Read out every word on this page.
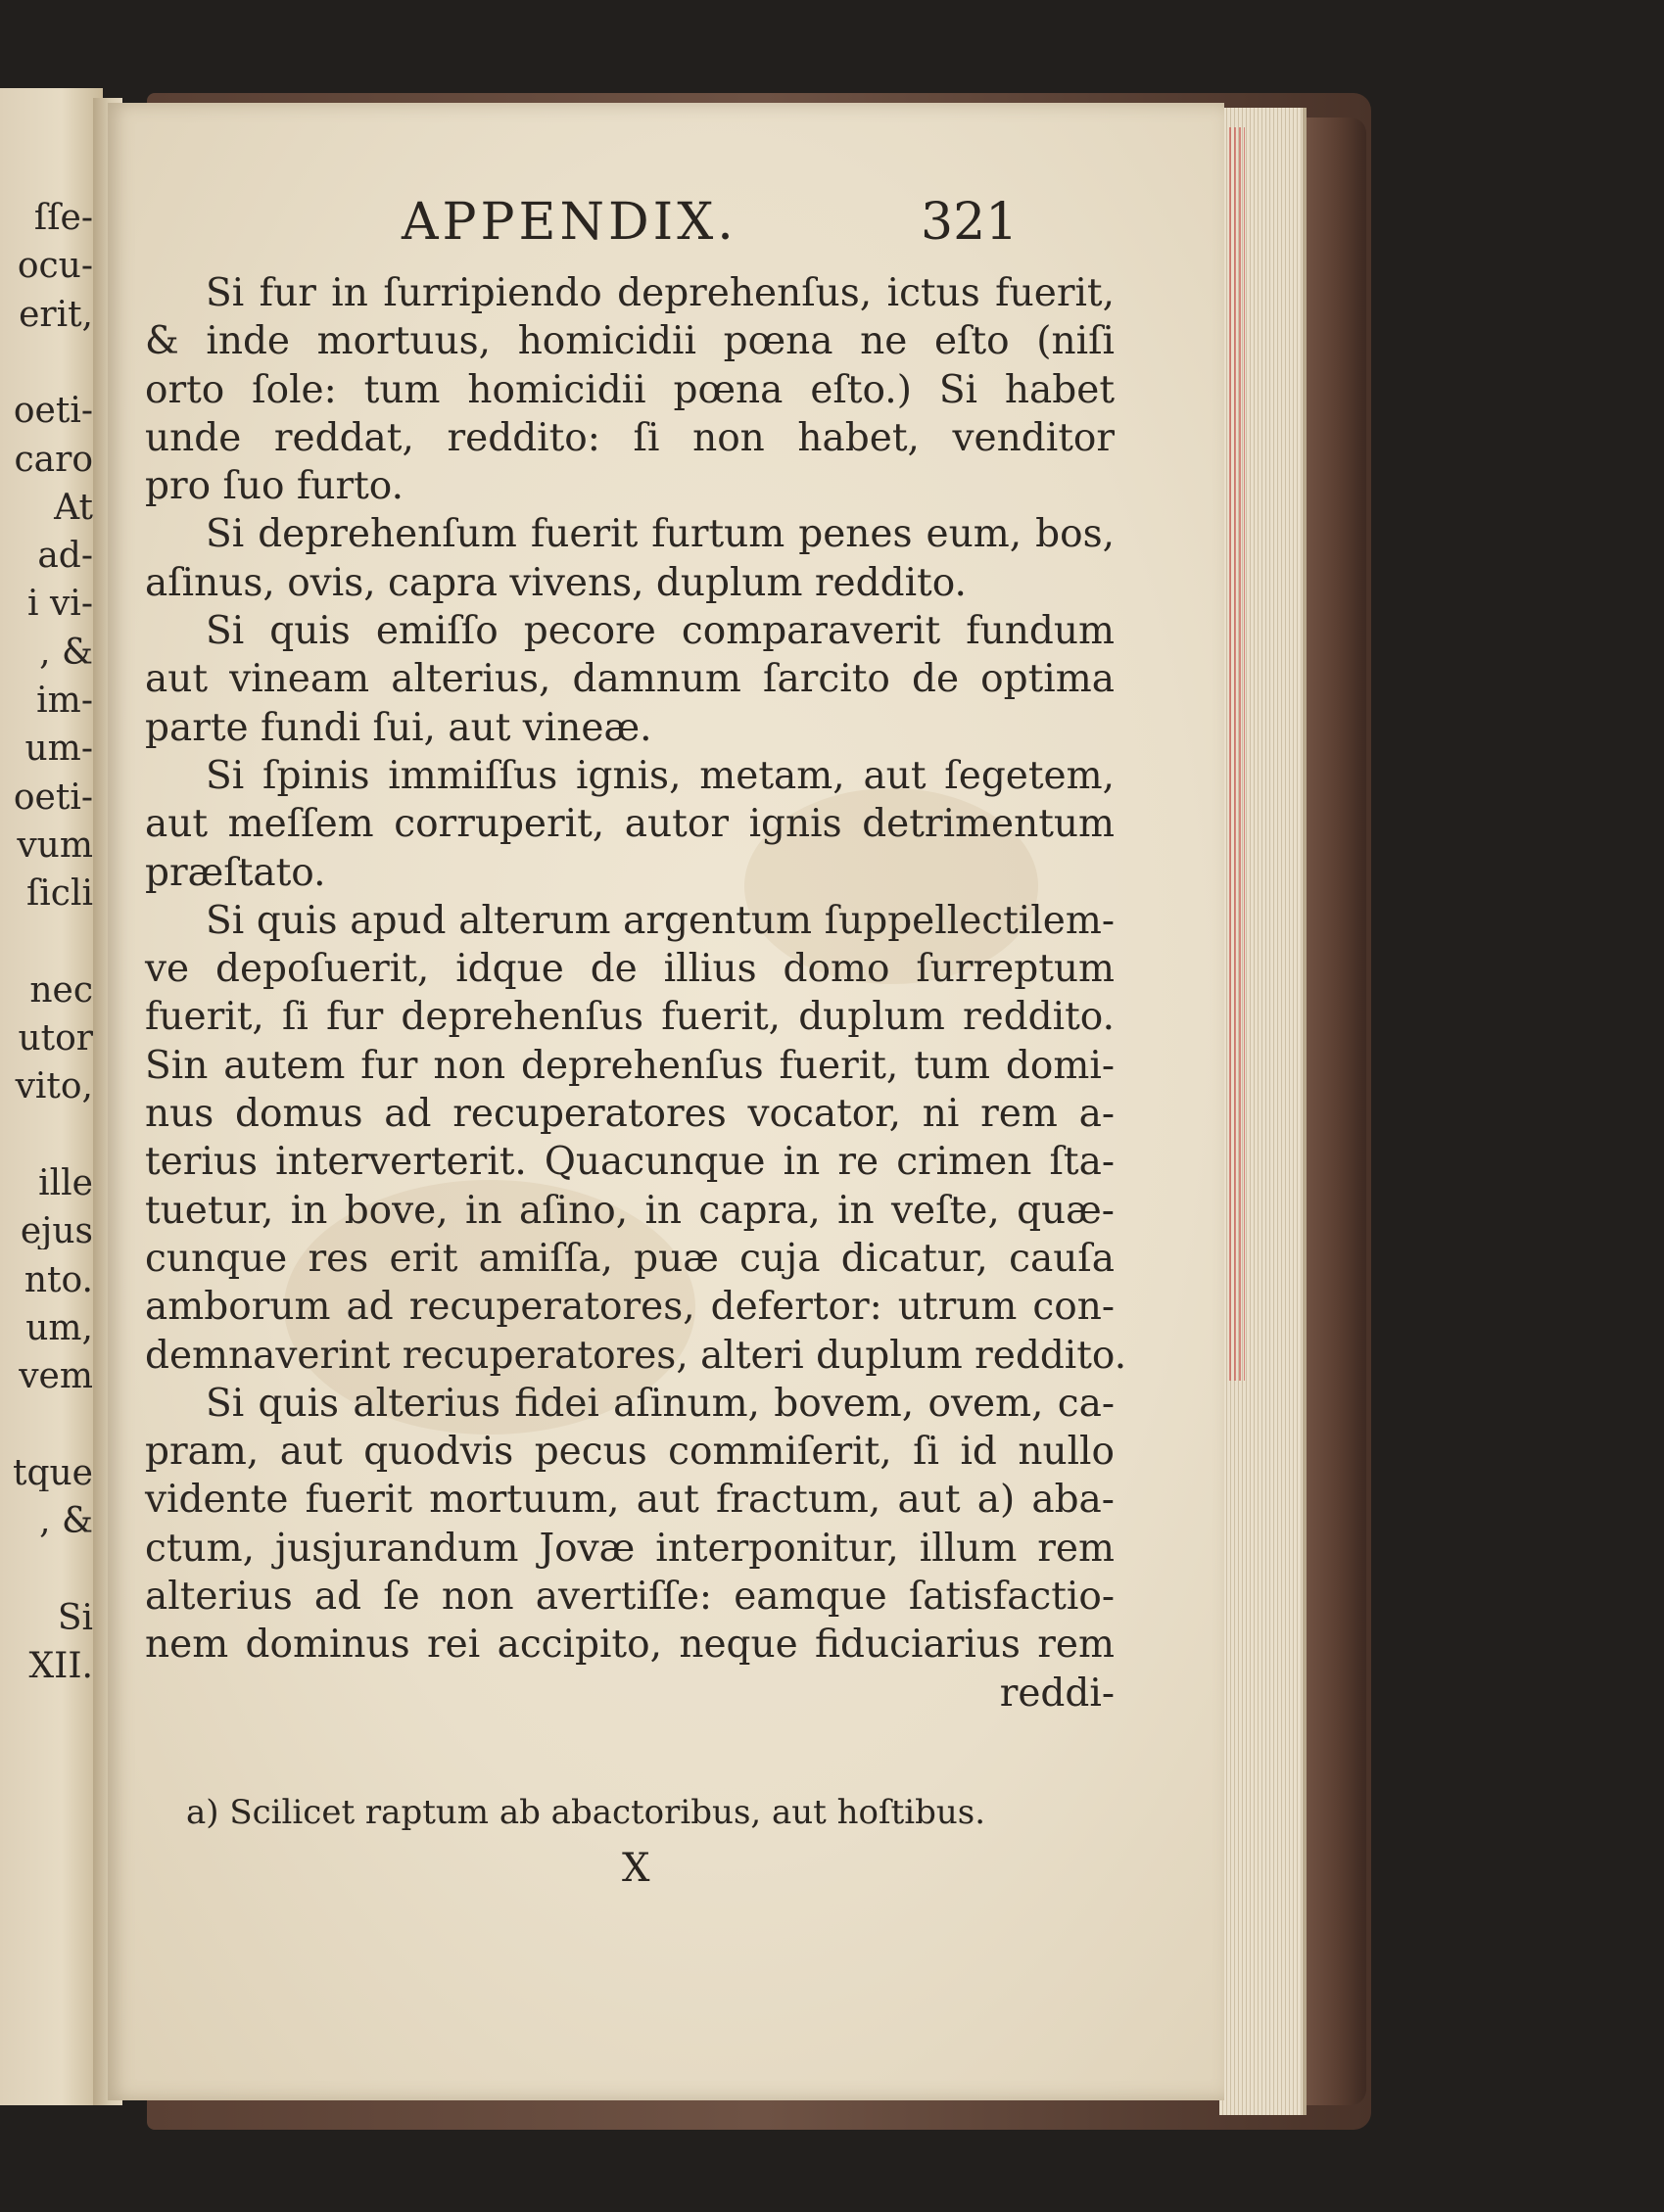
ſſe-
ocu-
erit,
oeti-
caro
At
ad-
i vi-
, &
im-
um-
oeti-
vum
ſicli
nec
utor
vito,
ille
ejus
nto.
um,
vem
tque
, &
Si
XII.
APPENDIX.	321
Si fur in ſurripiendo deprehenſus, ictus fuerit,
& inde mortuus, homicidii pœna ne eſto (niſi
orto ſole: tum homicidii pœna eſto.) Si habet
unde reddat, reddito: ſi non habet, venditor
pro ſuo furto.
Si deprehenſum fuerit furtum penes eum, bos,
aſinus, ovis, capra vivens, duplum reddito.
Si quis emiſſo pecore comparaverit fundum
aut vineam alterius, damnum ſarcito de optima
parte fundi ſui, aut vineæ.
Si ſpinis immiſſus ignis, metam, aut ſegetem,
aut meſſem corruperit, autor ignis detrimentum
præſtato.
Si quis apud alterum argentum ſuppellectilem-
ve depoſuerit, idque de illius domo ſurreptum
fuerit, ſi fur deprehenſus fuerit, duplum reddito.
Sin autem fur non deprehenſus fuerit, tum domi-
nus domus ad recuperatores vocator, ni rem a-
terius interverterit. Quacunque in re crimen ſta-
tuetur, in bove, in aſino, in capra, in veſte, quæ-
cunque res erit amiſſa, puæ cuja dicatur, cauſa
amborum ad recuperatores, defertor: utrum con-
demnaverint recuperatores, alteri duplum reddito.
Si quis alterius fidei aſinum, bovem, ovem, ca-
pram, aut quodvis pecus commiſerit, ſi id nullo
vidente fuerit mortuum, aut fractum, aut a) aba-
ctum, jusjurandum Jovæ interponitur, illum rem
alterius ad ſe non avertiſſe: eamque ſatisfactio-
nem dominus rei accipito, neque fiduciarius rem
reddi-
a) Scilicet raptum ab abactoribus, aut hoſtibus.
X
